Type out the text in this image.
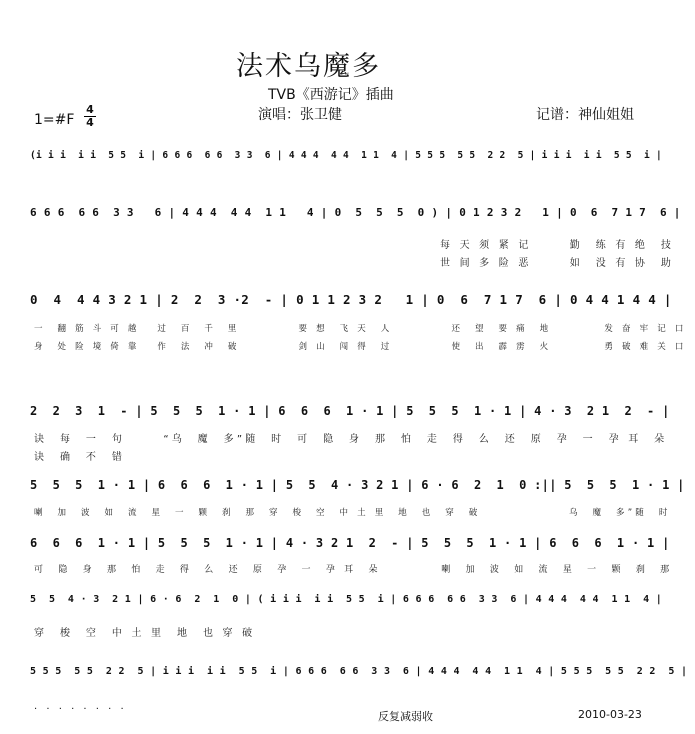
法术乌魔多
TVB《西游记》插曲
演唱：张卫健	记谱：神仙姐姐
1=#F
4
4
(i i i  i i  5 5  i | 6 6 6  6 6  3 3  6 | 4 4 4  4 4  1 1  4 | 5 5 5  5 5  2 2  5 | i i i  i i  5 5  i |
6 6 6  6 6  3 3   6 | 4 4 4  4 4  1 1   4 | 0  5  5  5  0 ) | 0 1 2 3 2   1 | 0  6  7 1 7  6 |
每 天 须 紧 记      勤  练 有 绝  技
世 间 多 险 恶      如  没 有 协  助
0  4  4 4 3 2 1 | 2  2  3 ·2  - | 0 1 1 2 3 2   1 | 0  6  7 1 7  6 | 0 4 4 1 4 4 |
一  翻 筋 斗 可 越   过  百  千  里          要 想  飞 天  人          还  望  要 痛  地         发 奋 牢 记 口
身  处 险 境 倚 靠   作  法  冲  破          剑 山  闯 得  过          使  出  霹 雳  火         勇 破 难 关 口
2  2  3  1  - | 5  5  5  1 · 1 | 6  6  6  1 · 1 | 5  5  5  1 · 1 | 4 · 3  2 1  2  - |
诀  每  一  句      “乌  魔  多”随  时  可  隐  身  那  怕  走  得  么  还  原  孕  一  孕 耳  朵
诀  确  不  错
5  5  5  1 · 1 | 6  6  6  1 · 1 | 5  5  4 · 3 2 1 | 6 · 6  2  1  0 :|| 5  5  5  1 · 1 |
喇  加  波  如  流  星  一  颗  刹  那  穿  梭  空  中 土 里  地  也  穿  破               乌  魔  多”随  时
6  6  6  1 · 1 | 5  5  5  1 · 1 | 4 · 3 2 1  2  - | 5  5  5  1 · 1 | 6  6  6  1 · 1 |
可  隐  身  那  怕  走  得  么  还  原  孕  一  孕 耳  朵          喇  加  波  如  流  星  一  颗  刹  那
5  5  4 · 3  2 1 | 6 · 6  2  1  0 | ( i i i  i i  5 5  i | 6 6 6  6 6  3 3  6 | 4 4 4  4 4  1 1  4 |
穿  梭  空  中 土 里  地  也 穿 破
5 5 5  5 5  2 2  5 | i i i  i i  5 5  i | 6 6 6  6 6  3 3  6 | 4 4 4  4 4  1 1  4 | 5 5 5  5 5  2 2  5 |
· · · · · · · ·
反复减弱收	2010-03-23
